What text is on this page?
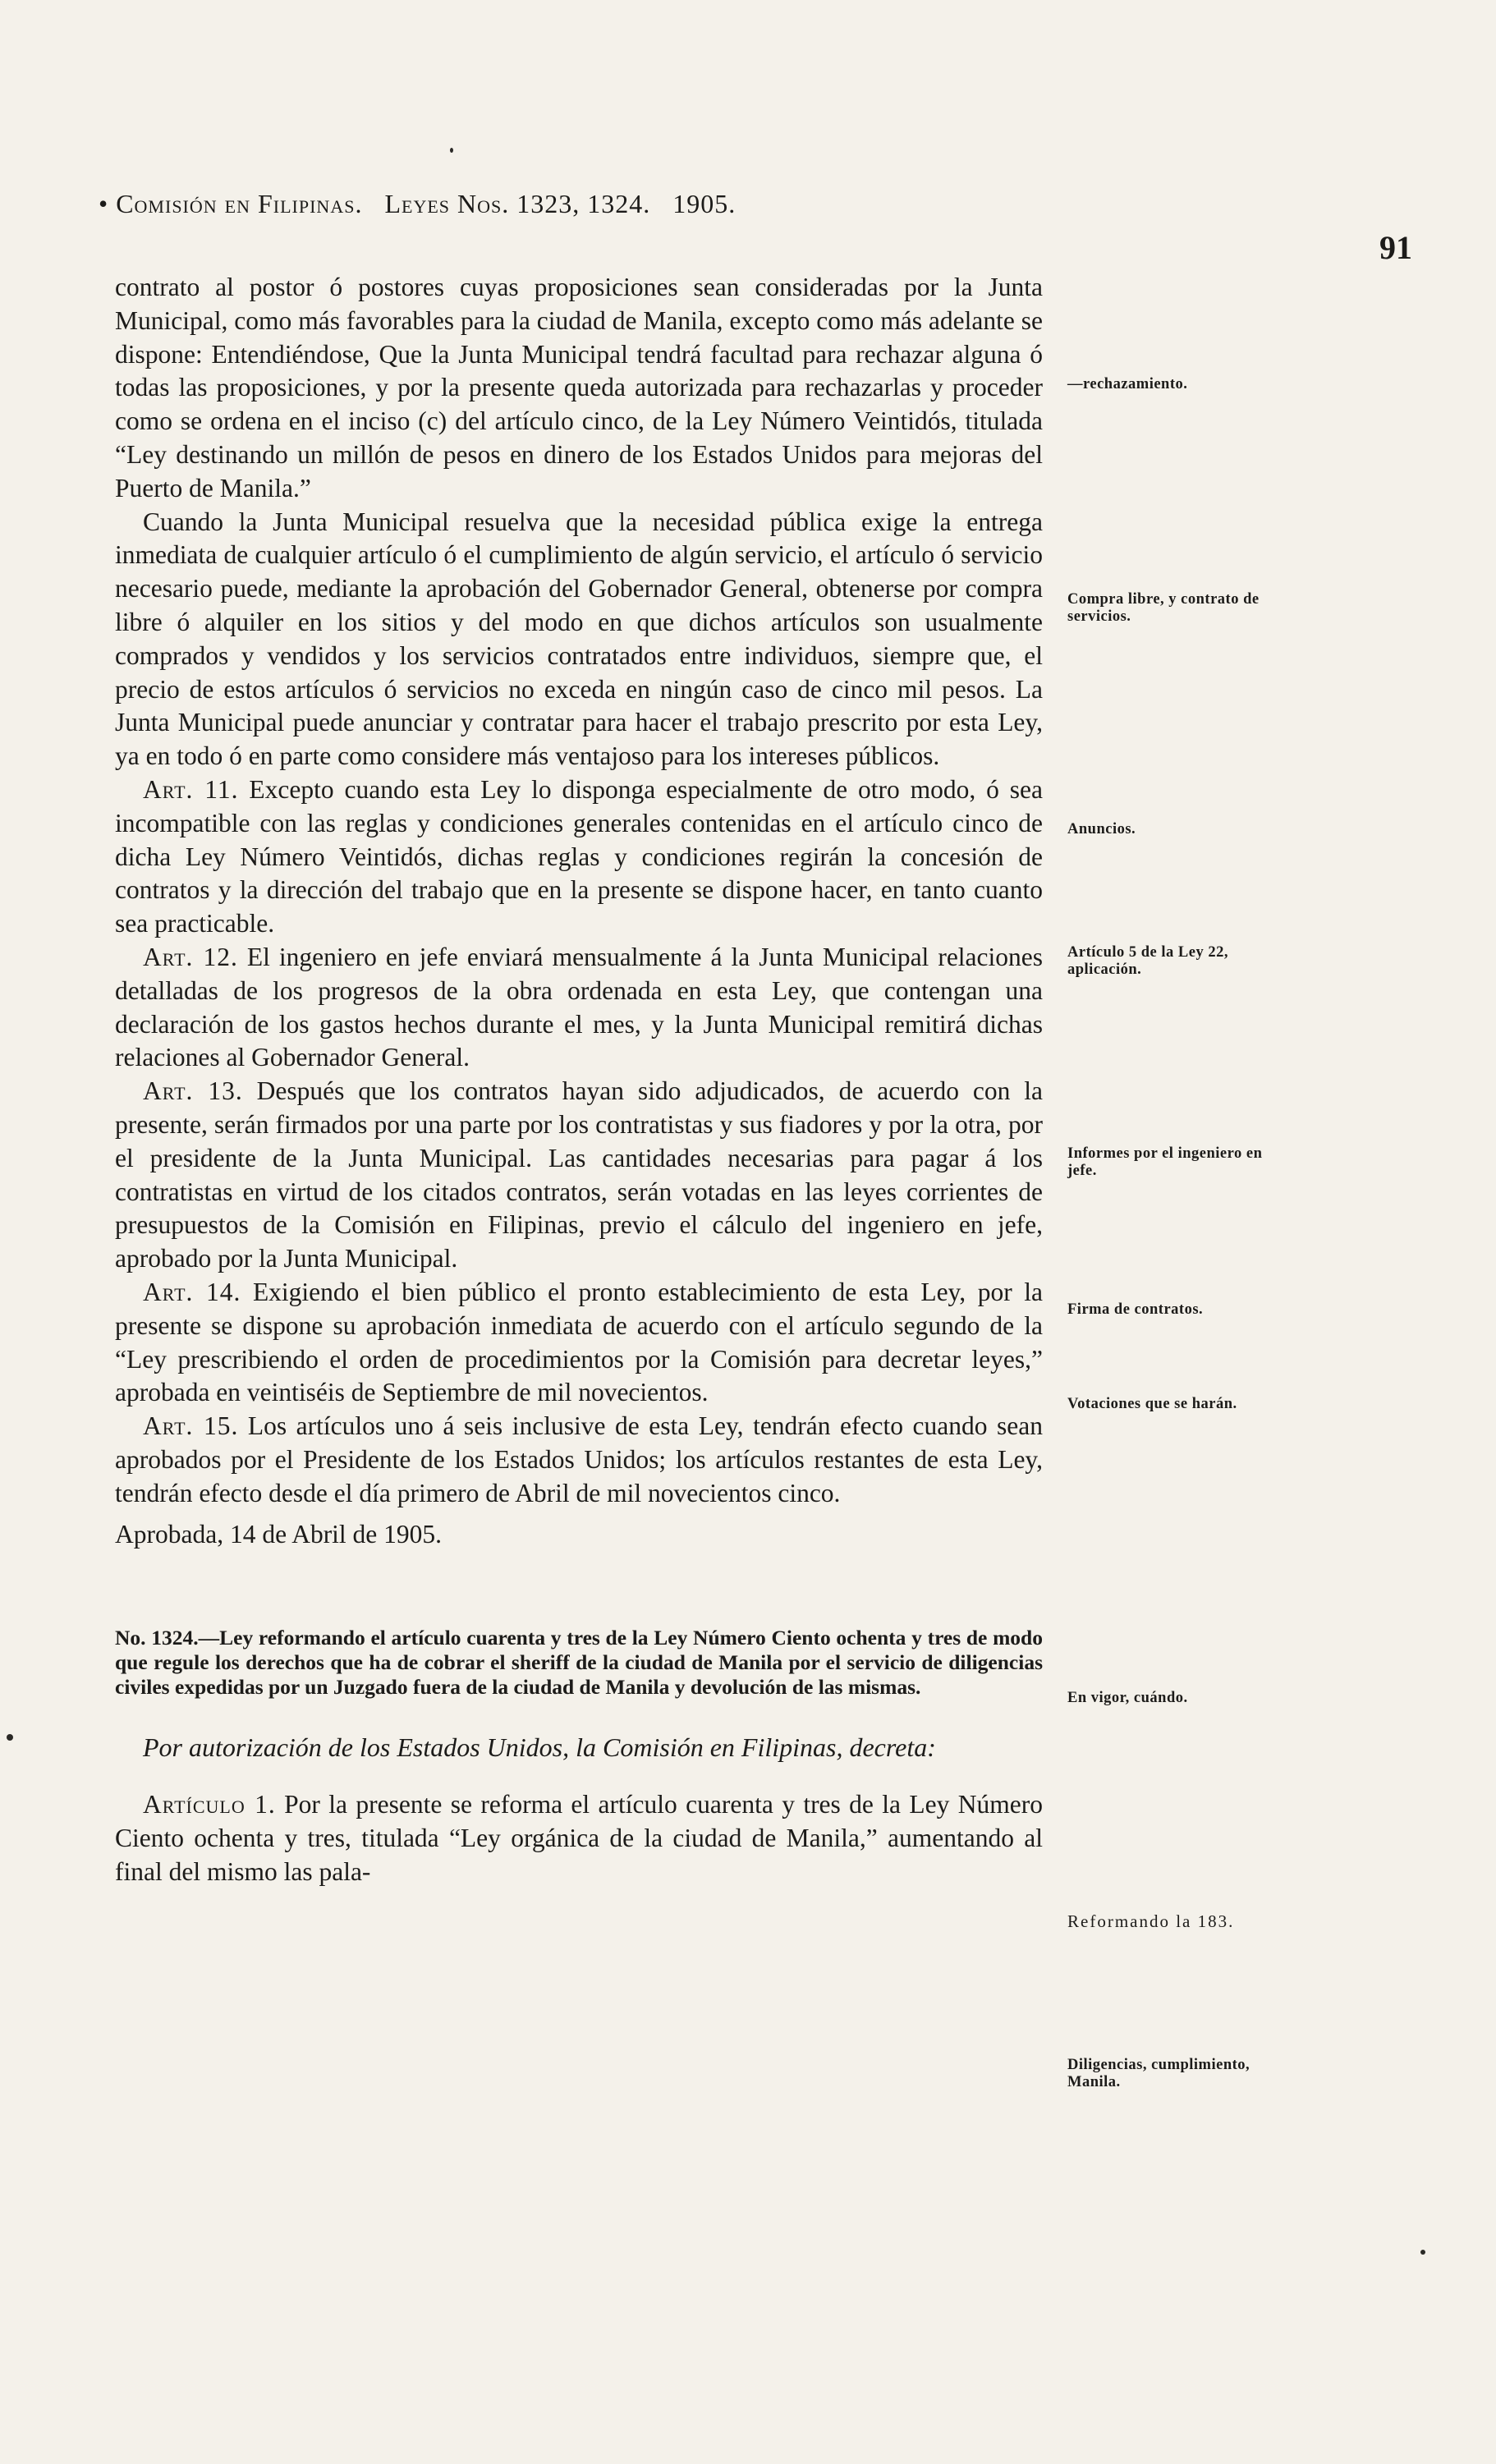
• Comisión en Filipinas. Leyes Nos. 1323, 1324. 1905.
91

contrato al postor ó postores cuyas proposiciones sean consideradas por la Junta Municipal, como más favorables para la ciudad de Manila, excepto como más adelante se dispone: Entendiéndose, Que la Junta Municipal tendrá facultad para rechazar alguna ó todas las proposiciones, y por la presente queda autorizada para rechazarlas y proceder como se ordena en el inciso (c) del artículo cinco, de la Ley Número Veintidós, titulada “Ley destinando un millón de pesos en dinero de los Estados Unidos para mejoras del Puerto de Manila.”

Cuando la Junta Municipal resuelva que la necesidad pública exige la entrega inmediata de cualquier artículo ó el cumplimiento de algún servicio, el artículo ó servicio necesario puede, mediante la aprobación del Gobernador General, obtenerse por compra libre ó alquiler en los sitios y del modo en que dichos artículos son usualmente comprados y vendidos y los servicios contratados entre individuos, siempre que, el precio de estos artículos ó servicios no exceda en ningún caso de cinco mil pesos. La Junta Municipal puede anunciar y contratar para hacer el trabajo prescrito por esta Ley, ya en todo ó en parte como considere más ventajoso para los intereses públicos.

Art. 11. Excepto cuando esta Ley lo disponga especialmente de otro modo, ó sea incompatible con las reglas y condiciones generales contenidas en el artículo cinco de dicha Ley Número Veintidós, dichas reglas y condiciones regirán la concesión de contratos y la dirección del trabajo que en la presente se dispone hacer, en tanto cuanto sea practicable.

Art. 12. El ingeniero en jefe enviará mensualmente á la Junta Municipal relaciones detalladas de los progresos de la obra ordenada en esta Ley, que contengan una declaración de los gastos hechos durante el mes, y la Junta Municipal remitirá dichas relaciones al Gobernador General.

Art. 13. Después que los contratos hayan sido adjudicados, de acuerdo con la presente, serán firmados por una parte por los contratistas y sus fiadores y por la otra, por el presidente de la Junta Municipal. Las cantidades necesarias para pagar á los contratistas en virtud de los citados contratos, serán votadas en las leyes corrientes de presupuestos de la Comisión en Filipinas, previo el cálculo del ingeniero en jefe, aprobado por la Junta Municipal.

Art. 14. Exigiendo el bien público el pronto establecimiento de esta Ley, por la presente se dispone su aprobación inmediata de acuerdo con el artículo segundo de la “Ley prescribiendo el orden de procedimientos por la Comisión para decretar leyes,” aprobada en veintiséis de Septiembre de mil novecientos.

Art. 15. Los artículos uno á seis inclusive de esta Ley, tendrán efecto cuando sean aprobados por el Presidente de los Estados Unidos; los artículos restantes de esta Ley, tendrán efecto desde el día primero de Abril de mil novecientos cinco.

Aprobada, 14 de Abril de 1905.

No. 1324.—Ley reformando el artículo cuarenta y tres de la Ley Número Ciento ochenta y tres de modo que regule los derechos que ha de cobrar el sheriff de la ciudad de Manila por el servicio de diligencias civiles expedidas por un Juzgado fuera de la ciudad de Manila y devolución de las mismas.

Por autorización de los Estados Unidos, la Comisión en Filipinas, decreta:

Artículo 1. Por la presente se reforma el artículo cuarenta y tres de la Ley Número Ciento ochenta y tres, titulada “Ley orgánica de la ciudad de Manila,” aumentando al final del mismo las pala-

—rechazamiento.
Compra libre, y contrato de servicios.
Anuncios.
Artículo 5 de la Ley 22, aplicación.
Informes por el ingeniero en jefe.
Firma de contratos.
Votaciones que se harán.
En vigor, cuándo.
Reformando la 183.
Diligencias, cumplimiento, Manila.
